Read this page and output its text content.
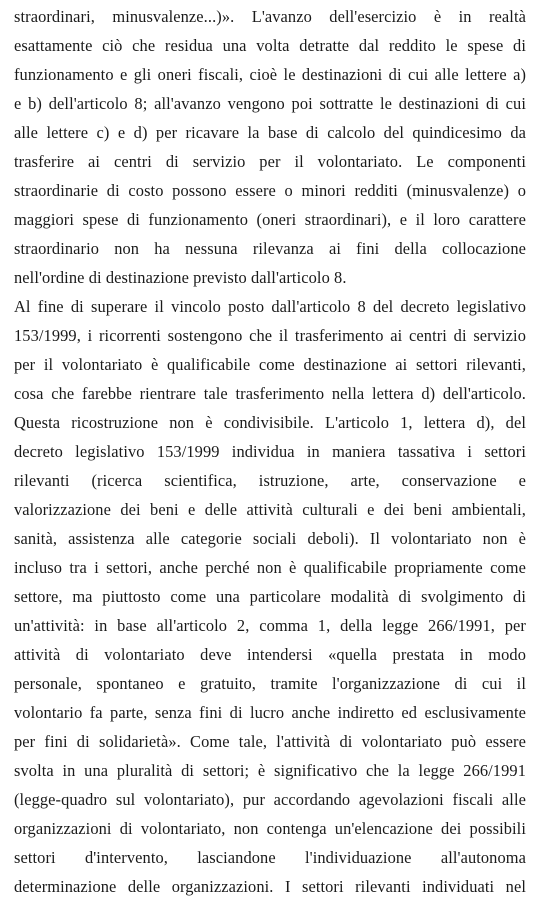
straordinari, minusvalenze...)». L'avanzo dell'esercizio è in realtà
esattamente ciò che residua una volta detratte dal reddito le spese di
funzionamento e gli oneri fiscali, cioè le destinazioni di cui alle lettere a)
e b) dell'articolo 8; all'avanzo vengono poi sottratte le destinazioni di cui
alle lettere c) e d) per ricavare la base di calcolo del quindicesimo da
trasferire ai centri di servizio per il volontariato. Le componenti
straordinarie di costo possono essere o minori redditi (minusvalenze) o
maggiori spese di funzionamento (oneri straordinari), e il loro carattere
straordinario non ha nessuna rilevanza ai fini della collocazione
nell'ordine di destinazione previsto dall'articolo 8.
Al fine di superare il vincolo posto dall'articolo 8 del decreto legislativo
153/1999, i ricorrenti sostengono che il trasferimento ai centri di servizio
per il volontariato è qualificabile come destinazione ai settori rilevanti,
cosa che farebbe rientrare tale trasferimento nella lettera d) dell'articolo.
Questa ricostruzione non è condivisibile. L'articolo 1, lettera d), del
decreto legislativo 153/1999 individua in maniera tassativa i settori
rilevanti (ricerca scientifica, istruzione, arte, conservazione e
valorizzazione dei beni e delle attività culturali e dei beni ambientali,
sanità, assistenza alle categorie sociali deboli). Il volontariato non è
incluso tra i settori, anche perché non è qualificabile propriamente come
settore, ma piuttosto come una particolare modalità di svolgimento di
un'attività: in base all'articolo 2, comma 1, della legge 266/1991, per
attività di volontariato deve intendersi «quella prestata in modo
personale, spontaneo e gratuito, tramite l'organizzazione di cui il
volontario fa parte, senza fini di lucro anche indiretto ed esclusivamente
per fini di solidarietà». Come tale, l'attività di volontariato può essere
svolta in una pluralità di settori; è significativo che la legge 266/1991
(legge-quadro sul volontariato), pur accordando agevolazioni fiscali alle
organizzazioni di volontariato, non contenga un'elencazione dei possibili
settori d'intervento, lasciandone l'individuazione all'autonoma
determinazione delle organizzazioni. I settori rilevanti individuati nel
